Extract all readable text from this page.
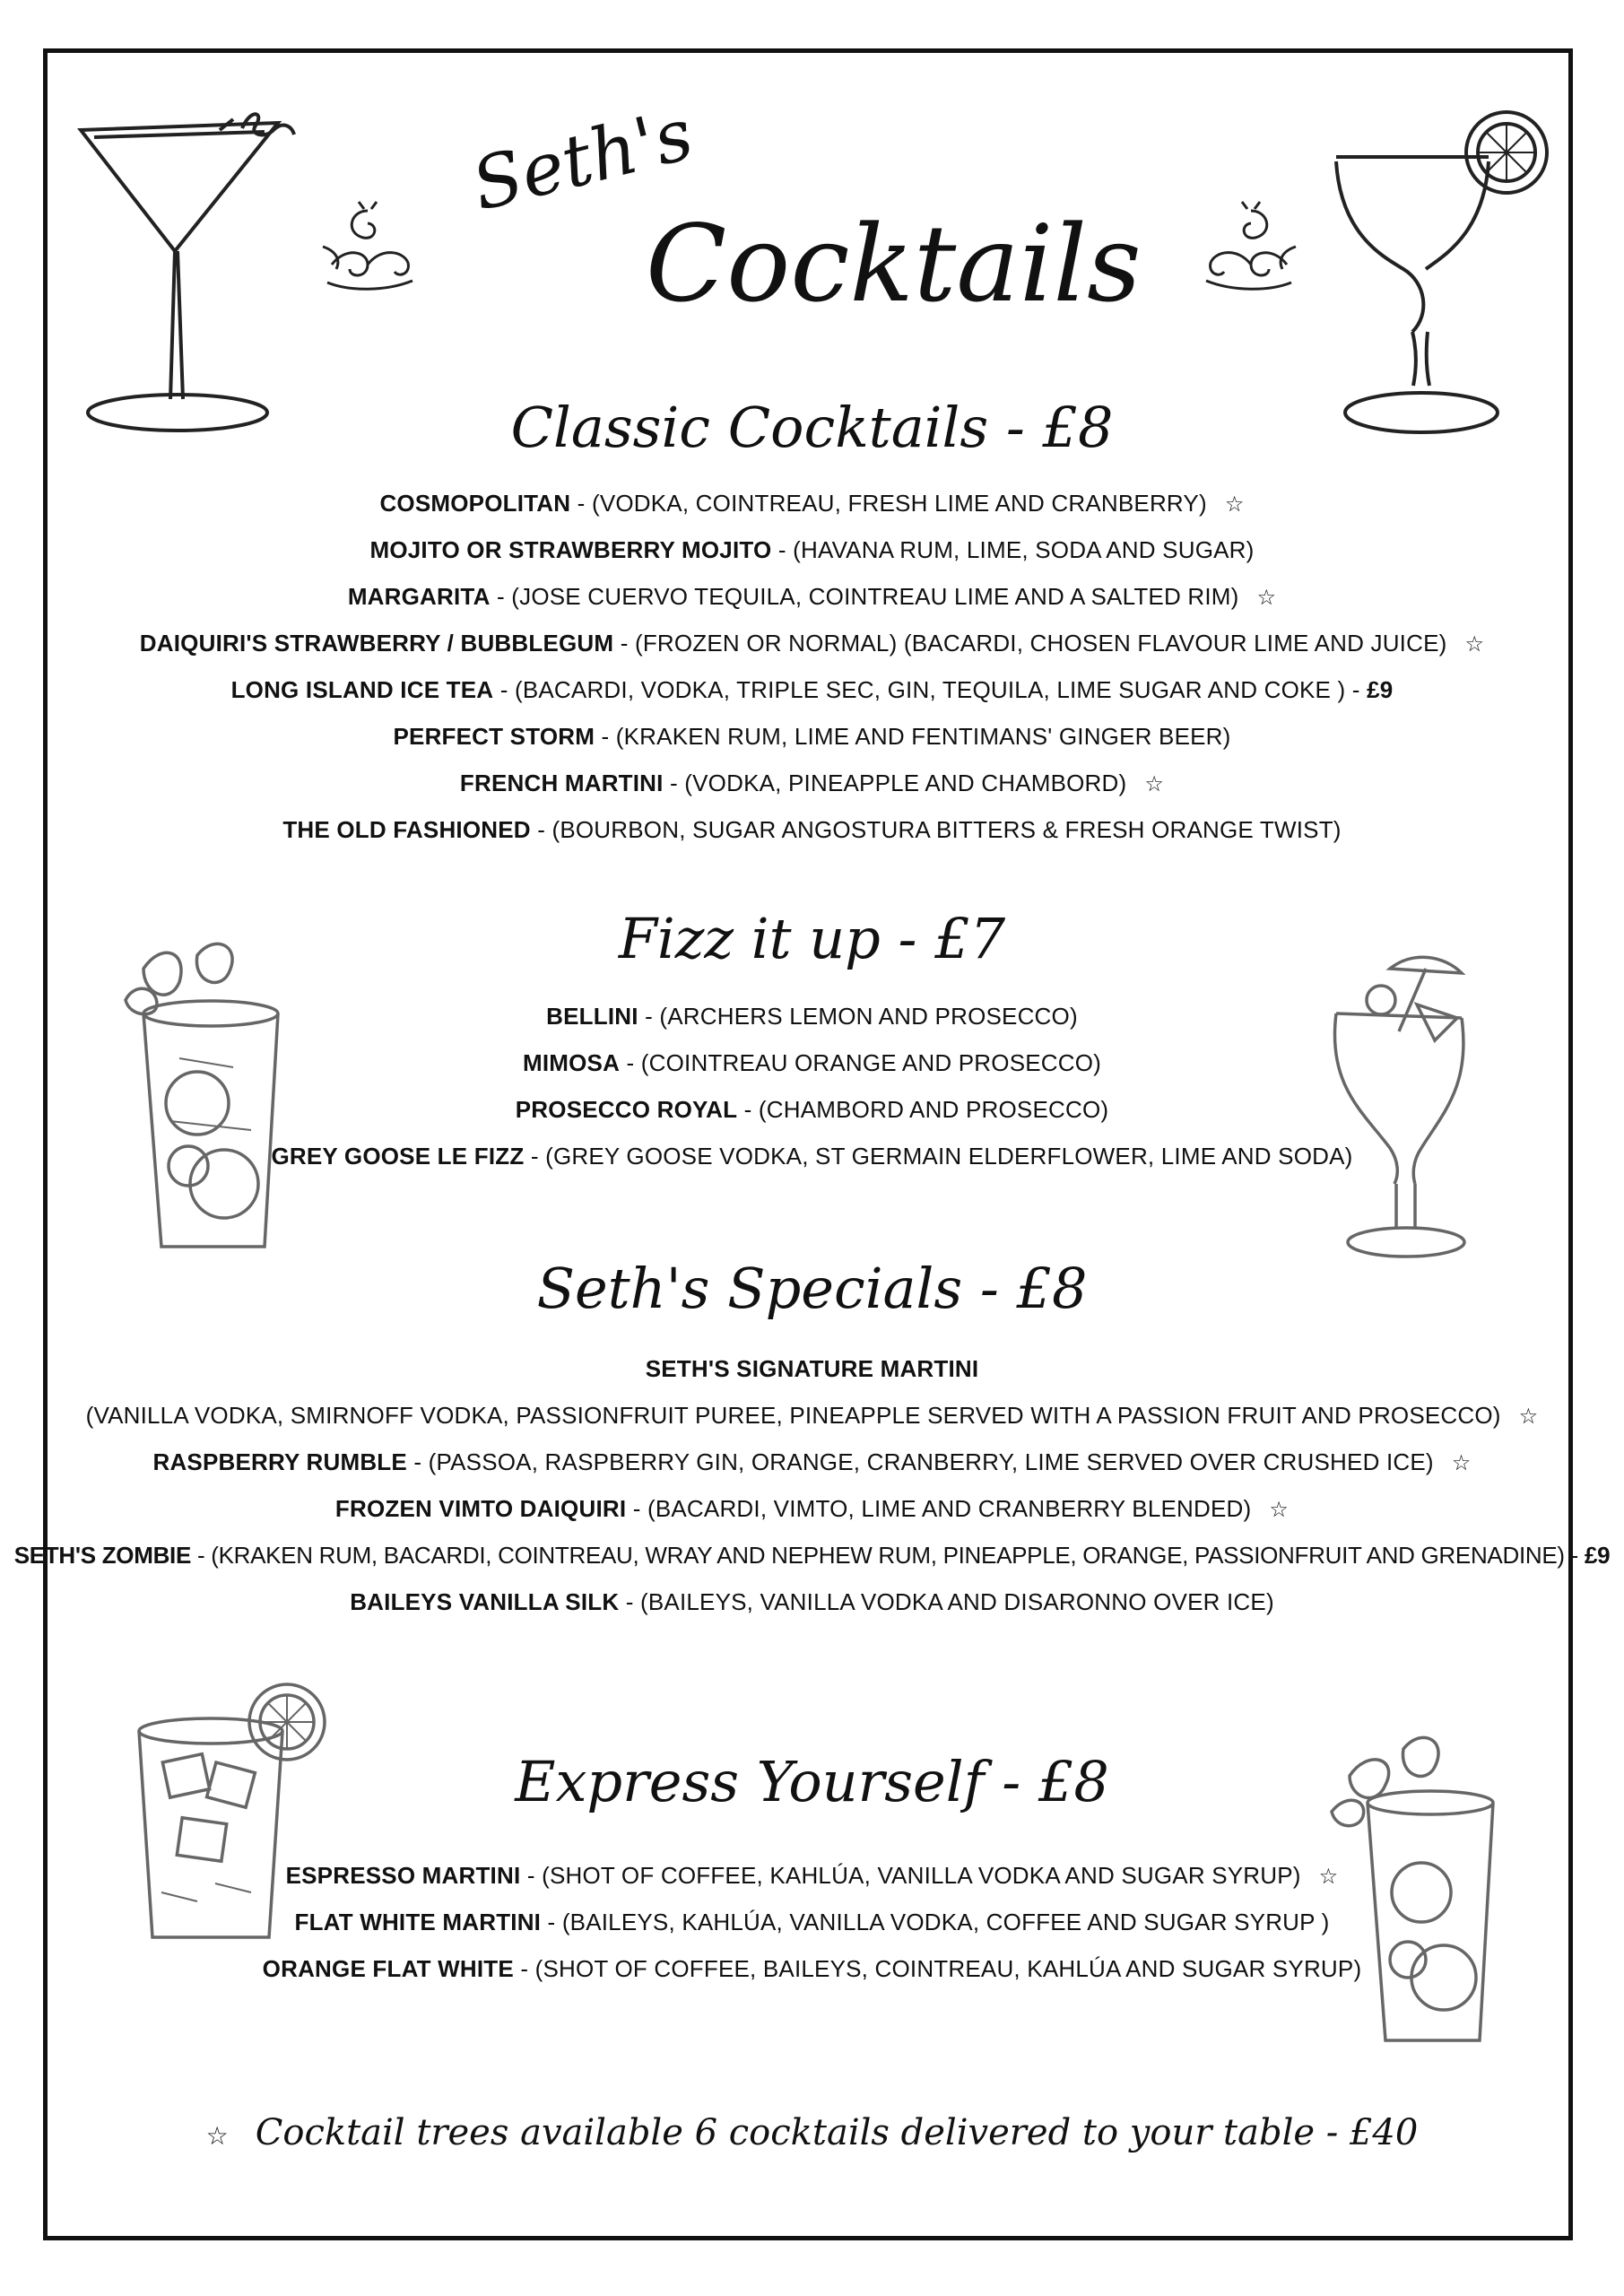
Seth's
Cocktails
Classic Cocktails - £8
COSMOPOLITAN - (VODKA, COINTREAU, FRESH LIME AND CRANBERRY) ☆
MOJITO OR STRAWBERRY MOJITO - (HAVANA RUM, LIME, SODA AND SUGAR)
MARGARITA - (JOSE CUERVO TEQUILA, COINTREAU LIME AND A SALTED RIM) ☆
DAIQUIRI'S STRAWBERRY / BUBBLEGUM - (FROZEN OR NORMAL) (BACARDI, CHOSEN FLAVOUR LIME AND JUICE) ☆
LONG ISLAND ICE TEA - (BACARDI, VODKA, TRIPLE SEC, GIN, TEQUILA, LIME SUGAR AND COKE ) - £9
PERFECT STORM - (KRAKEN RUM, LIME AND FENTIMANS' GINGER BEER)
FRENCH MARTINI - (VODKA, PINEAPPLE AND CHAMBORD) ☆
THE OLD FASHIONED - (BOURBON, SUGAR ANGOSTURA BITTERS & FRESH ORANGE TWIST)
Fizz it up - £7
BELLINI - (ARCHERS LEMON AND PROSECCO)
MIMOSA - (COINTREAU ORANGE AND PROSECCO)
PROSECCO ROYAL - (CHAMBORD AND PROSECCO)
GREY GOOSE LE FIZZ - (GREY GOOSE VODKA, ST GERMAIN ELDERFLOWER, LIME AND SODA)
Seth's Specials - £8
SETH'S SIGNATURE MARTINI
(VANILLA VODKA, SMIRNOFF VODKA, PASSIONFRUIT PUREE, PINEAPPLE SERVED WITH A PASSION FRUIT AND PROSECCO) ☆
RASPBERRY RUMBLE - (PASSOA, RASPBERRY GIN, ORANGE, CRANBERRY, LIME SERVED OVER CRUSHED ICE) ☆
FROZEN VIMTO DAIQUIRI - (BACARDI, VIMTO, LIME AND CRANBERRY BLENDED) ☆
SETH'S ZOMBIE - (KRAKEN RUM, BACARDI, COINTREAU, WRAY AND NEPHEW RUM, PINEAPPLE, ORANGE, PASSIONFRUIT AND GRENADINE) - £9
BAILEYS VANILLA SILK - (BAILEYS, VANILLA VODKA AND DISARONNO OVER ICE)
Express Yourself - £8
ESPRESSO MARTINI - (SHOT OF COFFEE, KAHLÚA, VANILLA VODKA AND SUGAR SYRUP) ☆
FLAT WHITE MARTINI - (BAILEYS, KAHLÚA, VANILLA VODKA, COFFEE AND SUGAR SYRUP )
ORANGE FLAT WHITE - (SHOT OF COFFEE, BAILEYS, COINTREAU, KAHLÚA AND SUGAR SYRUP)
☆ Cocktail trees available 6 cocktails delivered to your table - £40
